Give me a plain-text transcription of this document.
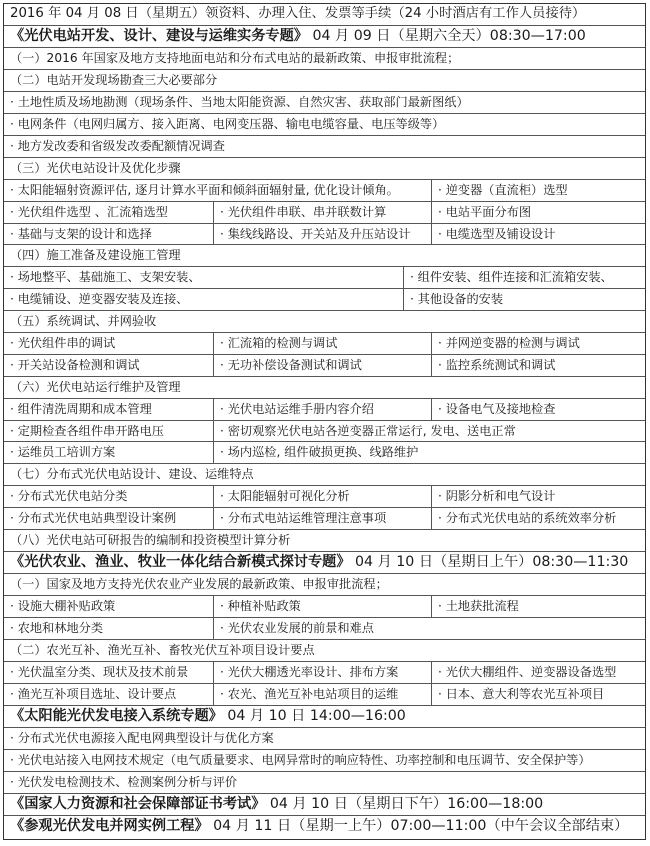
2016 年 04 月 08 日（星期五）领资料、办理入住、发票等手续（24 小时酒店有工作人员接待）
《光伏电站开发、设计、建设与运维实务专题》 04 月 09 日（星期六全天）08:30—17:00
（一）2016 年国家及地方支持地面电站和分布式电站的最新政策、申报审批流程；
（二）电站开发现场勘查三大必要部分
· 土地性质及场地勘测（现场条件、当地太阳能资源、自然灾害、获取部门最新图纸）
· 电网条件（电网归属方、接入距离、电网变压器、输电电缆容量、电压等级等）
· 地方发改委和省级发改委配额情况调查
（三）光伏电站设计及优化步骤
· 太阳能辐射资源评估, 逐月计算水平面和倾斜面辐射量, 优化设计倾角。	· 逆变器（直流柜）选型
· 光伏组件选型 、汇流箱选型	· 光伏组件串联、串并联数计算	· 电站平面分布图
· 基础与支架的设计和选择	· 集线线路设、开关站及升压站设计	· 电缆选型及铺设设计
（四）施工准备及建设施工管理
· 场地整平、基础施工、支架安装、	· 组件安装、组件连接和汇流箱安装、
· 电缆铺设、逆变器安装及连接、	· 其他设备的安装
（五）系统调试、并网验收
· 光伏组件串的调试	· 汇流箱的检测与调试	· 并网逆变器的检测与调试
· 开关站设备检测和调试	· 无功补偿设备测试和调试	· 监控系统测试和调试
（六）光伏电站运行维护及管理
· 组件清洗周期和成本管理	· 光伏电站运维手册内容介绍	· 设备电气及接地检查
· 定期检查各组件串开路电压	· 密切观察光伏电站各逆变器正常运行, 发电、送电正常
· 运维员工培训方案	· 场内巡检, 组件破损更换、线路维护
（七）分布式光伏电站设计、建设、运维特点
· 分布式光伏电站分类	· 太阳能辐射可视化分析	· 阴影分析和电气设计
· 分布式光伏电站典型设计案例	· 分布式电站运维管理注意事项	· 分布式光伏电站的系统效率分析
（八）光伏电站可研报告的编制和投资模型计算分析
《光伏农业、渔业、牧业一体化结合新模式探讨专题》 04 月 10 日（星期日上午）08:30—11:30
（一）国家及地方支持光伏农业产业发展的最新政策、申报审批流程；
· 设施大棚补贴政策	· 种植补贴政策	· 土地获批流程
· 农地和林地分类	· 光伏农业发展的前景和难点
（二）农光互补、渔光互补、畜牧光伏互补项目设计要点
· 光伏温室分类、现状及技术前景	· 光伏大棚透光率设计、排布方案	· 光伏大棚组件、逆变器设备选型
· 渔光互补项目选址、设计要点	· 农光、渔光互补电站项目的运维	· 日本、意大利等农光互补项目
《太阳能光伏发电接入系统专题》 04 月 10 日 14:00—16:00
· 分布式光伏电源接入配电网典型设计与优化方案
· 光伏电站接入电网技术规定（电气质量要求、电网异常时的响应特性、功率控制和电压调节、安全保护等）
· 光伏发电检测技术、检测案例分析与评价
《国家人力资源和社会保障部证书考试》 04 月 10 日（星期日下午）16:00—18:00
《参观光伏发电并网实例工程》 04 月 11 日（星期一上午）07:00—11:00（中午会议全部结束）
